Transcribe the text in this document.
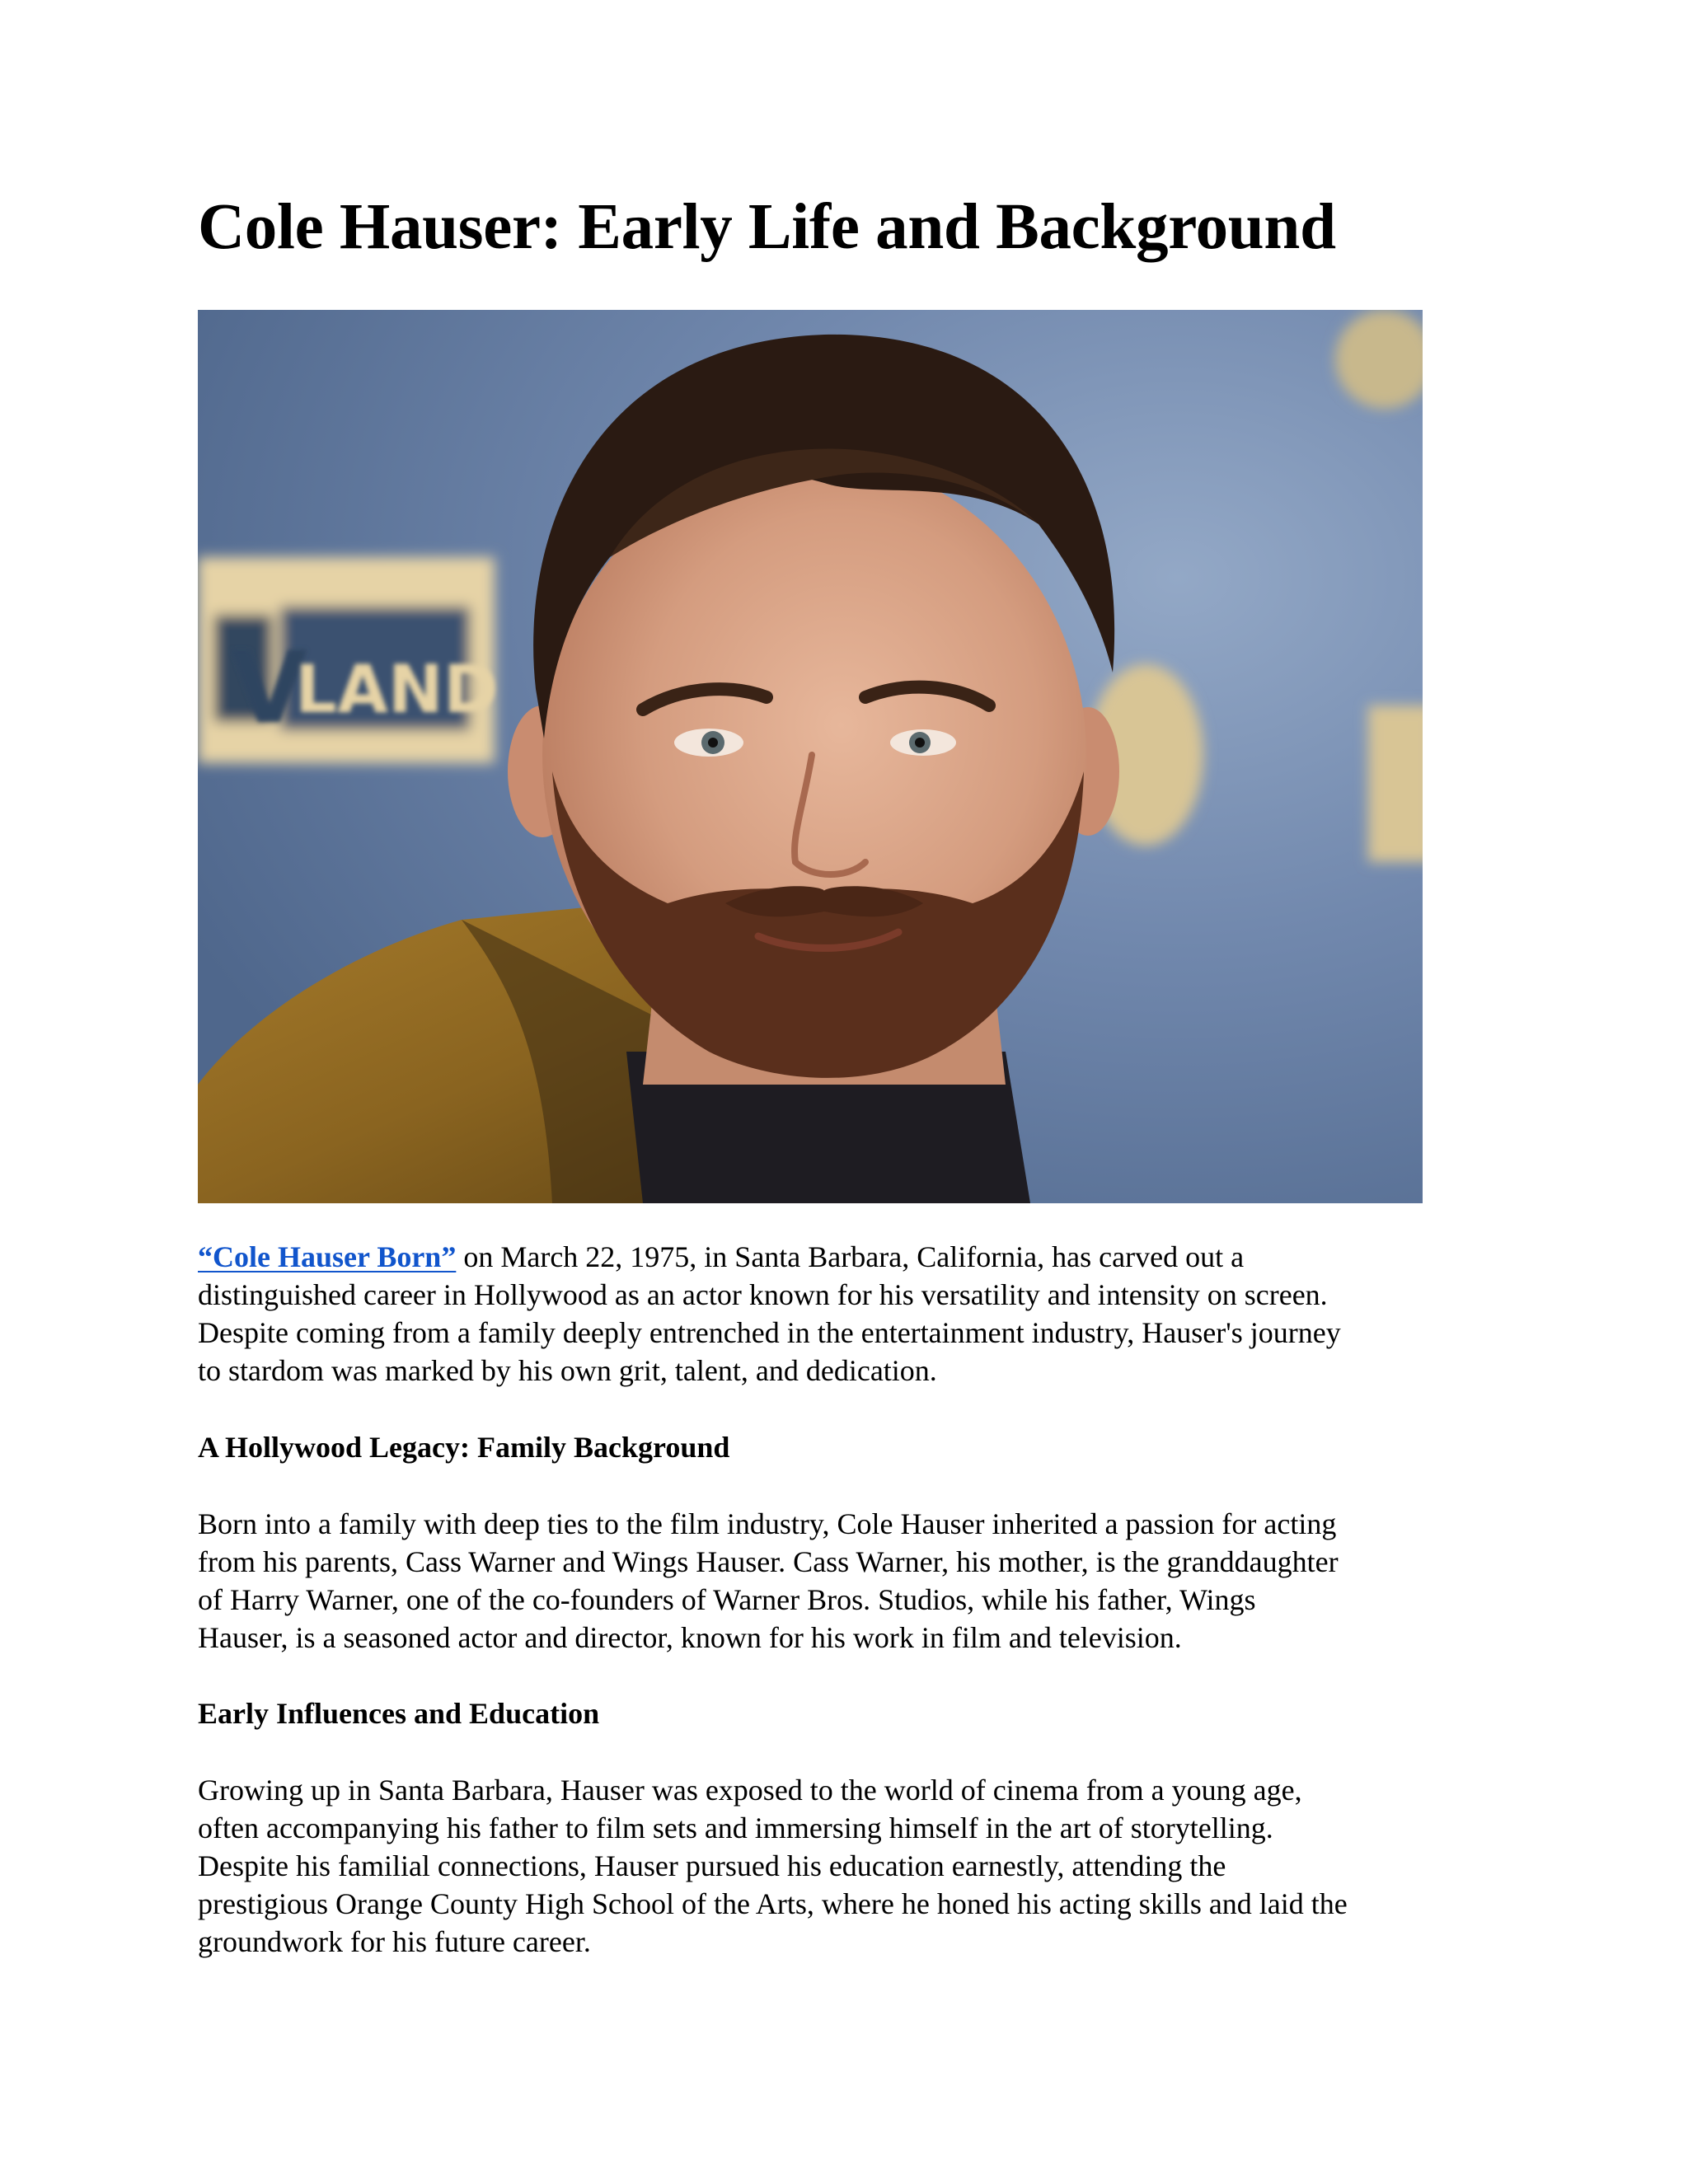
Cole Hauser: Early Life and Background
V
LAND

“Cole Hauser Born” on March 22, 1975, in Santa Barbara, California, has carved out a
distinguished career in Hollywood as an actor known for his versatility and intensity on screen.
Despite coming from a family deeply entrenched in the entertainment industry, Hauser's journey
to stardom was marked by his own grit, talent, and dedication.

A Hollywood Legacy: Family Background

Born into a family with deep ties to the film industry, Cole Hauser inherited a passion for acting
from his parents, Cass Warner and Wings Hauser. Cass Warner, his mother, is the granddaughter
of Harry Warner, one of the co-founders of Warner Bros. Studios, while his father, Wings
Hauser, is a seasoned actor and director, known for his work in film and television.

Early Influences and Education

Growing up in Santa Barbara, Hauser was exposed to the world of cinema from a young age,
often accompanying his father to film sets and immersing himself in the art of storytelling.
Despite his familial connections, Hauser pursued his education earnestly, attending the
prestigious Orange County High School of the Arts, where he honed his acting skills and laid the
groundwork for his future career.
